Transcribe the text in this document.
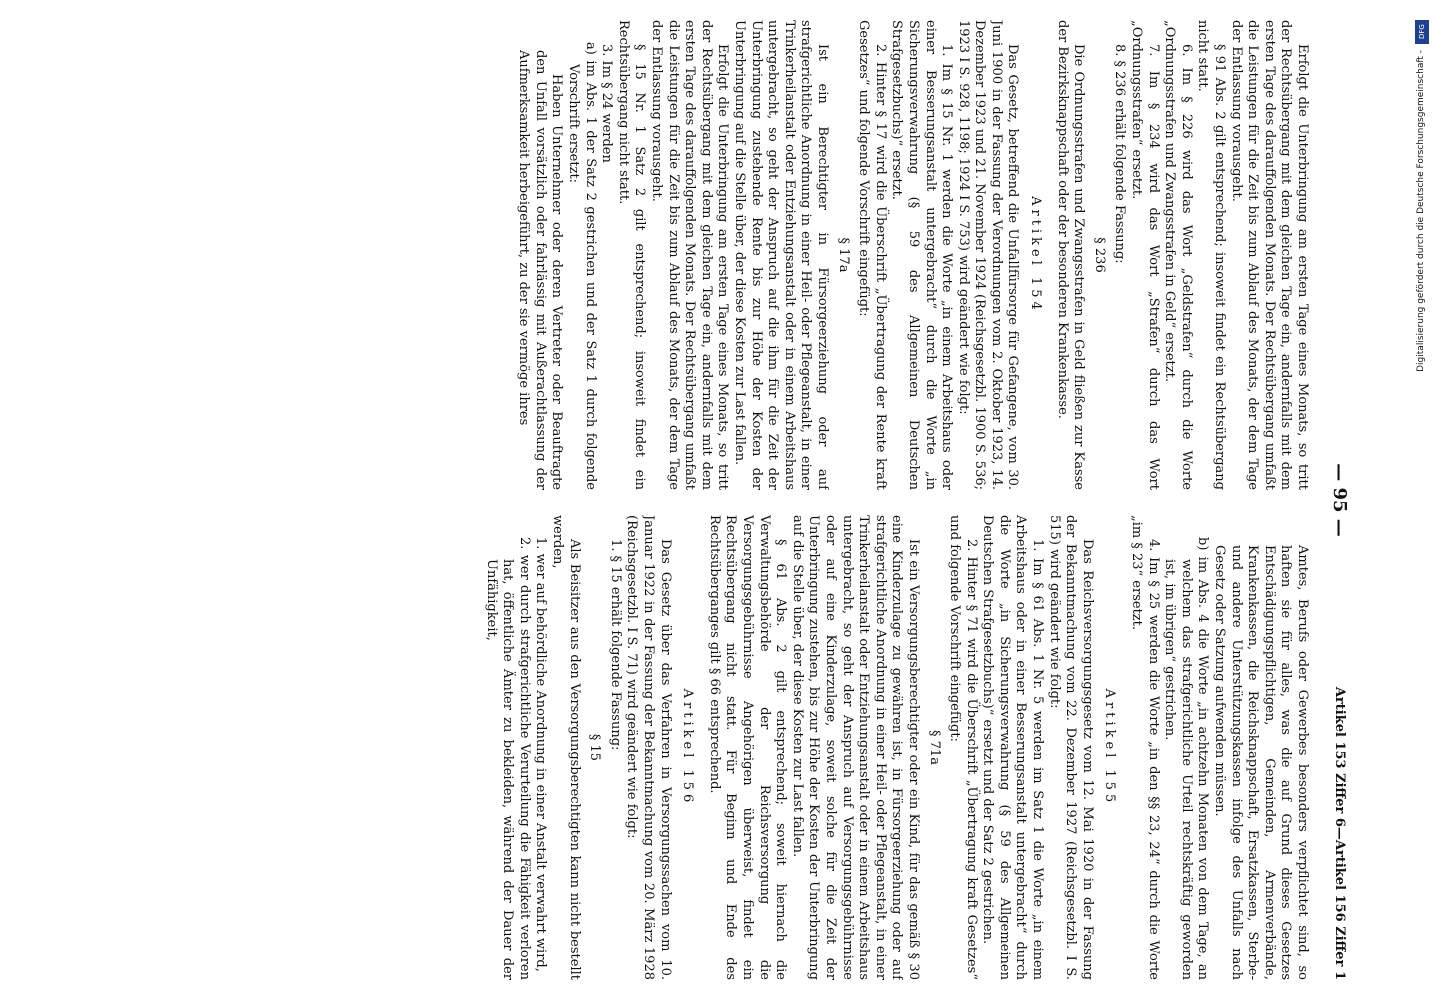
— 95 —
Artikel 153 Ziffer 6—Artikel 156 Ziffer 1

Erfolgt die Unterbringung am ersten Tage eines Monats, so tritt der Rechtsübergang mit dem gleichen Tage ein, andernfalls mit dem ersten Tage des darauffolgenden Monats. Der Rechtsübergang umfaßt die Leistungen für die Zeit bis zum Ablauf des Monats, der dem Tage der Entlassung vorausgeht.

§ 91 Abs. 2 gilt entsprechend; insoweit findet ein Rechtsübergang nicht statt.

6. Im § 226 wird das Wort „Geldstrafen“ durch die Worte „Ordnungsstrafen und Zwangsstrafen in Geld“ ersetzt.

7. Im § 234 wird das Wort „Strafen“ durch das Wort „Ordnungsstrafen“ ersetzt.

8. § 236 erhält folgende Fassung:

§ 236

Die Ordnungsstrafen und Zwangsstrafen in Geld fließen zur Kasse der Bezirksknappschaft oder der besonderen Krankenkasse.

Artikel 154

Das Gesetz, betreffend die Unfallfürsorge für Gefangene, vom 30. Juni 1900 in der Fassung der Verordnungen vom 2. Oktober 1923, 14. Dezember 1923 und 21. November 1924 (Reichsgesetzbl. 1900 S. 536; 1923 I S. 928, 1198; 1924 I S. 753) wird geändert wie folgt:

1. Im § 15 Nr. 1 werden die Worte „in einem Arbeitshaus oder einer Besserungsanstalt untergebracht“ durch die Worte „in Sicherungsverwahrung (§ 59 des Allgemeinen Deutschen Strafgesetzbuchs)“ ersetzt.

2. Hinter § 17 wird die Überschrift „Übertragung der Rente kraft Gesetzes“ und folgende Vorschrift eingefügt:

§ 17a

Ist ein Berechtigter in Fürsorgeerziehung oder auf strafgerichtliche Anordnung in einer Heil- oder Pflegeanstalt, in einer Trinkerheilanstalt oder Entziehungsanstalt oder in einem Arbeitshaus untergebracht, so geht der Anspruch auf die ihm für die Zeit der Unterbringung zustehende Rente bis zur Höhe der Kosten der Unterbringung auf die Stelle über, der diese Kosten zur Last fallen.

Erfolgt die Unterbringung am ersten Tage eines Monats, so tritt der Rechtsübergang mit dem gleichen Tage ein, andernfalls mit dem ersten Tage des darauffolgenden Monats. Der Rechtsübergang umfaßt die Leistungen für die Zeit bis zum Ablauf des Monats, der dem Tage der Entlassung vorausgeht.

§ 15 Nr. 1 Satz 2 gilt entsprechend; insoweit findet ein Rechtsübergang nicht statt.

3. Im § 24 werden

a) im Abs. 1 der Satz 2 gestrichen und der Satz 1 durch folgende Vorschrift ersetzt:

Haben Unternehmer oder deren Vertreter oder Beauftragte den Unfall vorsätzlich oder fahrlässig mit Außerachtlassung der Aufmerksamkeit herbeigeführt, zu der sie vermöge ihres

Amtes, Berufs oder Gewerbes besonders verpflichtet sind, so haften sie für alles, was die auf Grund dieses Gesetzes Entschädigungspflichtigen, Gemeinden, Armenverbände, Krankenkassen, die Reichsknappschaft, Ersatzkassen, Sterbe- und andere Unterstützungskassen infolge des Unfalls nach Gesetz oder Satzung aufwenden müssen.

b) im Abs. 4 die Worte „in achtzehn Monaten von dem Tage, an welchem das strafgerichtliche Urteil rechtskräftig geworden ist, im übrigen“ gestrichen.

4. Im § 25 werden die Worte „in den §§ 23, 24“ durch die Worte „im § 23“ ersetzt.

Artikel 155

Das Reichsversorgungsgesetz vom 12. Mai 1920 in der Fassung der Bekanntmachung vom 22. Dezember 1927 (Reichsgesetzbl. I S. 515) wird geändert wie folgt:

1. Im § 61 Abs. 1 Nr. 5 werden im Satz 1 die Worte „in einem Arbeitshaus oder in einer Besserungsanstalt untergebracht“ durch die Worte „in Sicherungsverwahrung (§ 59 des Allgemeinen Deutschen Strafgesetzbuchs)“ ersetzt und der Satz 2 gestrichen.

2. Hinter § 71 wird die Überschrift „Übertragung kraft Gesetzes“ und folgende Vorschrift eingefügt:

§ 71a

Ist ein Versorgungsberechtigter oder ein Kind, für das gemäß § 30 eine Kinderzulage zu gewähren ist, in Fürsorgeerziehung oder auf strafgerichtliche Anordnung in einer Heil- oder Pflegeanstalt, in einer Trinkerheilanstalt oder Entziehungsanstalt oder in einem Arbeitshaus untergebracht, so geht der Anspruch auf Versorgungsgebührnisse oder auf eine Kinderzulage, soweit solche für die Zeit der Unterbringung zustehen, bis zur Höhe der Kosten der Unterbringung auf die Stelle über, der diese Kosten zur Last fallen.

§ 61 Abs. 2 gilt entsprechend; soweit hiernach die Verwaltungsbehörde der Reichsversorgung die Versorgungsgebührnisse Angehörigen überweist, findet ein Rechtsübergang nicht statt. Für Beginn und Ende des Rechtsüberganges gilt § 66 entsprechend.

Artikel 156

Das Gesetz über das Verfahren in Versorgungssachen vom 10. Januar 1922 in der Fassung der Bekanntmachung vom 20. März 1928 (Reichsgesetzbl. I S. 71) wird geändert wie folgt:

1. § 15 erhält folgende Fassung:

§ 15

Als Beisitzer aus den Versorgungsberechtigten kann nicht bestellt werden,

1. wer auf behördliche Anordnung in einer Anstalt verwahrt wird,

2. wer durch strafgerichtliche Verurteilung die Fähigkeit verloren hat, öffentliche Ämter zu bekleiden, während der Dauer der Unfähigkeit,

DFG
Digitalisierung gefördert durch die Deutsche Forschungsgemeinschaft -
